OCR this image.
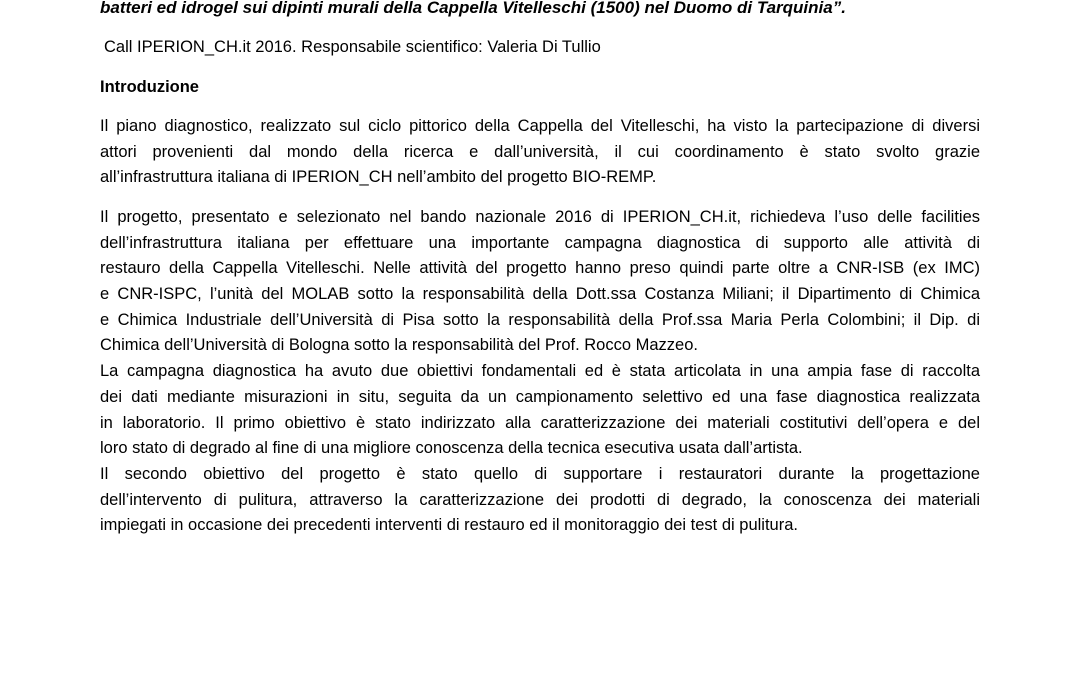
batteri ed idrogel sui dipinti murali della Cappella Vitelleschi (1500) nel Duomo di Tarquinia”.
Call IPERION_CH.it 2016. Responsabile scientifico: Valeria Di Tullio
Introduzione
Il piano diagnostico, realizzato sul ciclo pittorico della Cappella del Vitelleschi, ha visto la partecipazione di diversi
attori provenienti dal mondo della ricerca e dall’università, il cui coordinamento è stato svolto grazie
all’infrastruttura italiana di IPERION_CH nell’ambito del progetto BIO-REMP.
Il progetto, presentato e selezionato nel bando nazionale 2016 di IPERION_CH.it, richiedeva l’uso delle facilities
dell’infrastruttura italiana per effettuare una importante campagna diagnostica di supporto alle attività di
restauro della Cappella Vitelleschi. Nelle attività del progetto hanno preso quindi parte oltre a CNR-ISB (ex IMC)
e CNR-ISPC, l’unità del MOLAB sotto la responsabilità della Dott.ssa Costanza Miliani; il Dipartimento di Chimica
e Chimica Industriale dell’Università di Pisa sotto la responsabilità della Prof.ssa Maria Perla Colombini; il Dip. di
Chimica dell’Università di Bologna sotto la responsabilità del Prof. Rocco Mazzeo.
La campagna diagnostica ha avuto due obiettivi fondamentali ed è stata articolata in una ampia fase di raccolta
dei dati mediante misurazioni in situ, seguita da un campionamento selettivo ed una fase diagnostica realizzata
in laboratorio. Il primo obiettivo è stato indirizzato alla caratterizzazione dei materiali costitutivi dell’opera e del
loro stato di degrado al fine di una migliore conoscenza della tecnica esecutiva usata dall’artista.
Il secondo obiettivo del progetto è stato quello di supportare i restauratori durante la progettazione
dell’intervento di pulitura, attraverso la caratterizzazione dei prodotti di degrado, la conoscenza dei materiali
impiegati in occasione dei precedenti interventi di restauro ed il monitoraggio dei test di pulitura.
